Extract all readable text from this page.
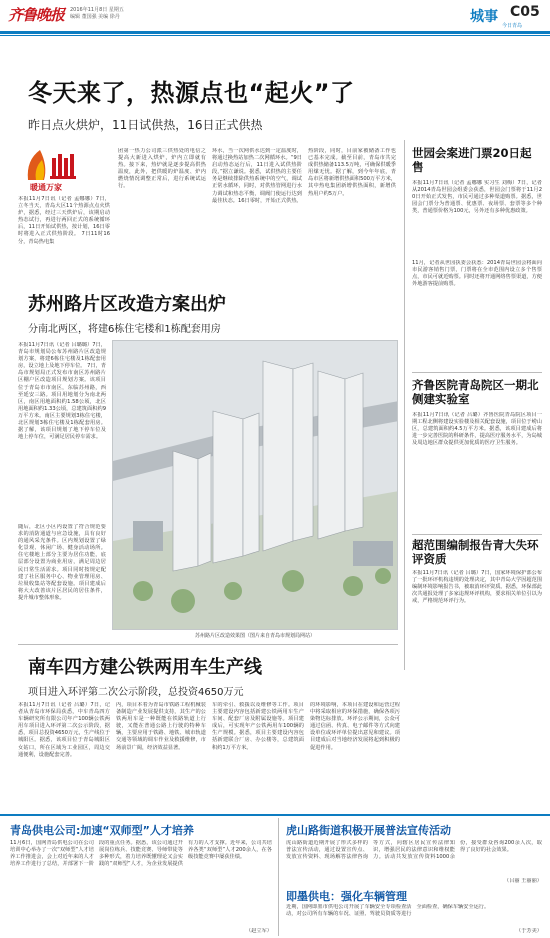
齐鲁晚报 2016年11月8日 星期五
编辑 董国强 美编 徐丹	城事 C05
今日青岛
冬天来了，热源点也“起火”了
昨日点火烘炉，11日试供热，16日正式供热
暖通万家
本报11月7日讯（记者 孟娜娜）7日，立冬当天，青岛大区11个热源点点火烘炉，据悉，经过三天烘炉后，该期启动热态试行，再进行两回正式的系统循环后，11日开始试供热，按计划，16日零时将进入正式供热阶段。 7日11时16分，青岛热电集
团第一热力公司派三供热处的电信之提高大新进入烘炉，炉内立即就有热。接下来，热炉就是逐步提高供热温度，此外，把供暖的炉温度、炉内燃烧情况调整正常后，进行系统试运行。
环水，当一次网供水达到一定温度时，将通过换热站加热二次网循环水。“9日启动热态运行后，11日进入试供热阶段，”据立谦说。据悉，试供热的主要任务是继续排除供热系统中的空气，调试正常水循环，同时，对供热管网进行水力调试和热态平衡，调阀门使运行达到最佳状态。16日零时，开始正式供热。
热阶段，同时，目前家被储备工作也已基本完成。截至目前，青岛市共完成供热储备113.5万吨，可确保供暖季用煤无忧。据了解，到今年年底，青岛市区将新增供热面积500万平方米，其中热电集团新增供热面积，新增供热用户约5万户。
世园会案进门票20日起售
本报11月7日讯（记者 孟娜娜 实习生 刘梅）7日，记者从2014青岛世园会组委会获悉，世园会门票将于11月20日开始正式发售，市民可通过多种渠道购票。据悉，世园会门票分为普通票、优惠票、夜场票、套票等多个种类，普通票价格为100元，另外还有多种优惠政策。
11月，记者从世园执委会获悉：2014青岛世园会将面向市民游客销售门票，门票将在全市范围内设立多个售票点，市民可就近购票。同时还将开通网络售票渠道，方便外地游客提前购票。
齐鲁医院青岛院区一期北侧建实验室
本报11月7日讯（记者 吕璐）齐鲁医院青岛院区项目一期工程北侧将建设实验楼及相关配套设施，项目位于崂山区，总建筑面积约4.5万平方米。据悉，该项目建成后将进一步完善医院的科研条件，提高医疗服务水平，为岛城及周边地区群众提供更加优质的医疗卫生服务。
超范围编制报告青大失环评资质
本报11月7日讯（记者 吕璐）7日，国家环境保护部公布了一批环评机构违规的处理决定，其中青岛大学因超范围编制环境影响报告书，被取消环评资质。据悉，环保部此次共通报处理了多家违规环评机构，要求相关单位引以为戒，严格规范环评行为。
苏州路片区改造方案出炉
分南北两区，将建6栋住宅楼和1栋配套用房
本报11月7日讯（记者 吕璐璐）7日，青岛市规划局公布苏州路片区改造规划方案，将建6栋住宅楼及1栋配套用房，设立地上及地下停车位。 7日，青岛市规划局正式发布市南区苏州路片区棚户区改造项目规划方案。该项目位于青岛市市南区，东临苏州路，西至延安三路。项目用地划分为南北两区，南区用地面积约1.58公顷，北区用地面积约1.33公顷，总建筑面积约9万平方米。南区主要规划3栋住宅楼，北区规划3栋住宅楼及1栋配套用房。据了解，该项目规划了地下停车位及地上停车位，可满足居民停车需求。
随后，北区小区内设置了符合规范要求的消防通道与应急设施，具有良好的通风采光条件。区内规划设置了绿化景观、休闲广场、健身活动场所。住宅楼地上部分主要为居住功能，底层部分设置为商业用房，满足周边居民日常生活需求。项目同时按规定配建了社区服务中心、物业管理用房、垃圾收集站等配套设施。项目建成后将大大改善该片区居民的居住条件，提升城市整体形象。
苏州路片区改造效果图（图片来自青岛市规划局网站）
南车四方建公铁两用车生产线
项目进入环评第二次公示阶段，总投资4650万元
本报11月7日讯（记者 吕璐）7日，记者从青岛市环保局获悉，中车青岛四方车辆研究所有限公司年产100辆公铁两用车项目进入环评第二次公示阶段，据悉，项目总投资4650万元，生产线位于城阳区。据悉，该项目位于青岛城阳区女姑口，所在区域为工业园区，周边交通便利，设施配套完善。
内，项目本着为青岛市铁路工程机械装备制造产业发展提供支持，其生产的公铁两用车是一种既能在铁路轨道上行驶，又能在普通公路上行驶的特种车辆，主要应用于铁路、地铁、城市轨道交通等领域的调车作业及救援维修，市场前景广阔，经济效益显著。
车的牵引、救援以及维修等工作。项目主要建设内容包括新建公铁两用车生产车间、配套厂房及附属设施等。项目建成后，可实现年产公铁两用车100辆的生产规模。据悉，项目主要建设内容包括新建联合厂房、办公楼等，总建筑面积约1万平方米。
的环境影响，本项目在建设和运营过程中将采取相应的环保措施，确保各项污染物达标排放。环评公示期间，公众可通过信函、传真、电子邮件等方式向建设单位或环评单位提出意见和建议。项目建成后对当地经济发展将起到积极的促进作用。
青岛供电公司:加速“双师型”人才培养
11月6日，国网青岛供电公司在公司培训中心举办了一次“双师型”人才培养工作推进会，会上对近年来的人才培养工作进行了总结，并部署下一阶段的重点任务。据悉，该公司通过开展岗位练兵、技能竞赛、导师带徒等多种形式，着力培养既懂理论又会实践的“双师型”人才，为企业发展提供有力的人才支撑。近年来，公司共培养各类“双师型”人才200余人，在各级技能竞赛中屡获佳绩。
（赵立军）
虎山路街道积极开展普法宣传活动
虎山路街道近期开展了形式多样的普法宣传活动，通过设置宣传点、发放宣传资料、现场解答法律咨询等方式，向辖区居民宣传法律知识，增强居民的法律意识和维权能力。活动共发放宣传资料1000余份，接受群众咨询200余人次，取得了良好的社会效果。
（吕丽 王丽丽）
即墨供电：强化车辆管理
近期，国网即墨市供电公司开展了车辆安全专项检查活动，对公司所有车辆的车况、证照、驾驶员资质等进行全面检查，确保车辆安全运行。
（于芳美）
